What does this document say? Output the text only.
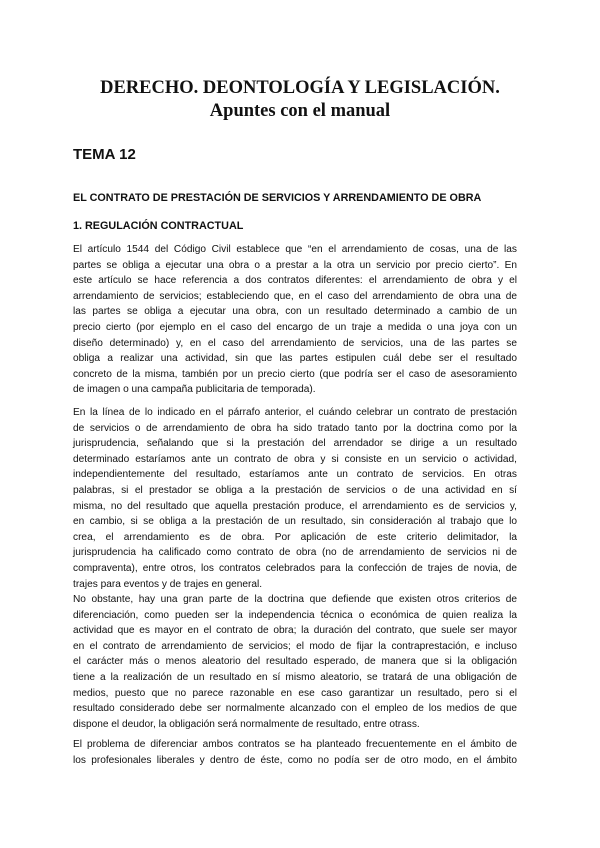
DERECHO. DEONTOLOGÍA Y LEGISLACIÓN.
Apuntes con el manual
TEMA 12
EL CONTRATO DE PRESTACIÓN DE SERVICIOS Y ARRENDAMIENTO DE OBRA
1. REGULACIÓN CONTRACTUAL

El artículo 1544 del Código Civil establece que “en el arrendamiento de cosas, una de las
partes se obliga a ejecutar una obra o a prestar a la otra un servicio por precio cierto”. En
este artículo se hace referencia a dos contratos diferentes: el arrendamiento de obra y el
arrendamiento de servicios; estableciendo que, en el caso del arrendamiento de obra una de
las partes se obliga a ejecutar una obra, con un resultado determinado a cambio de un
precio cierto (por ejemplo en el caso del encargo de un traje a medida o una joya con un
diseño determinado) y, en el caso del arrendamiento de servicios, una de las partes se
obliga a realizar una actividad, sin que las partes estipulen cuál debe ser el resultado
concreto de la misma, también por un precio cierto (que podría ser el caso de asesoramiento
de imagen o una campaña publicitaria de temporada).

En la línea de lo indicado en el párrafo anterior, el cuándo celebrar un contrato de prestación
de servicios o de arrendamiento de obra ha sido tratado tanto por la doctrina como por la
jurisprudencia, señalando que si la prestación del arrendador se dirige a un resultado
determinado estaríamos ante un contrato de obra y si consiste en un servicio o actividad,
independientemente del resultado, estaríamos ante un contrato de servicios. En otras
palabras, si el prestador se obliga a la prestación de servicios o de una actividad en sí
misma, no del resultado que aquella prestación produce, el arrendamiento es de servicios y,
en cambio, si se obliga a la prestación de un resultado, sin consideración al trabajo que lo
crea, el arrendamiento es de obra. Por aplicación de este criterio delimitador, la
jurisprudencia ha calificado como contrato de obra (no de arrendamiento de servicios ni de
compraventa), entre otros, los contratos celebrados para la confección de trajes de novia, de
trajes para eventos y de trajes en general.

No obstante, hay una gran parte de la doctrina que defiende que existen otros criterios de
diferenciación, como pueden ser la independencia técnica o económica de quien realiza la
actividad que es mayor en el contrato de obra; la duración del contrato, que suele ser mayor
en el contrato de arrendamiento de servicios; el modo de fijar la contraprestación, e incluso
el carácter más o menos aleatorio del resultado esperado, de manera que si la obligación
tiene a la realización de un resultado en sí mismo aleatorio, se tratará de una obligación de
medios, puesto que no parece razonable en ese caso garantizar un resultado, pero si el
resultado considerado debe ser normalmente alcanzado con el empleo de los medios de que
dispone el deudor, la obligación será normalmente de resultado, entre otrass.

El problema de diferenciar ambos contratos se ha planteado frecuentemente en el ámbito de
los profesionales liberales y dentro de éste, como no podía ser de otro modo, en el ámbito
